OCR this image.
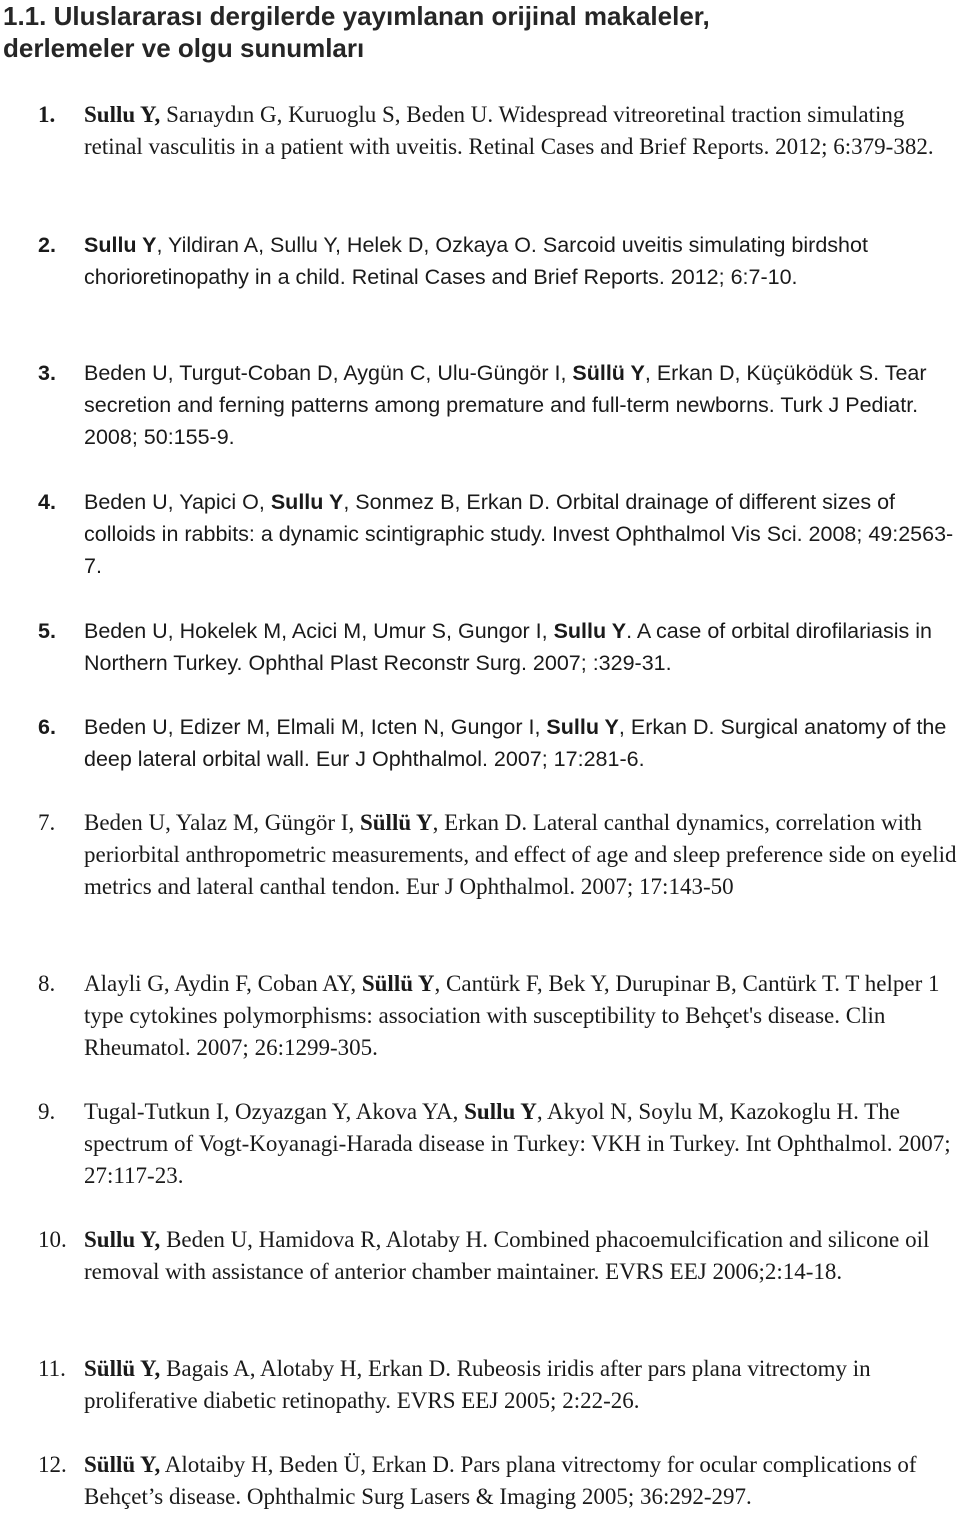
1.1. Uluslararası dergilerde yayımlanan orijinal makaleler,
derlemeler ve olgu sunumları
1.	Sullu Y, Sarıaydın G, Kuruoglu S, Beden U. Widespread vitreoretinal traction simulating retinal vasculitis in a patient with uveitis. Retinal Cases and Brief Reports. 2012; 6:379-382.
2.	Sullu Y, Yildiran A, Sullu Y, Helek D, Ozkaya O. Sarcoid uveitis simulating birdshot chorioretinopathy in a child. Retinal Cases and Brief Reports. 2012; 6:7-10.
3.	Beden U, Turgut-Coban D, Aygün C, Ulu-Güngör I, Süllü Y, Erkan D, Küçüködük S. Tear secretion and ferning patterns among premature and full-term newborns. Turk J Pediatr. 2008; 50:155-9.
4.	Beden U, Yapici O, Sullu Y, Sonmez B, Erkan D. Orbital drainage of different sizes of colloids in rabbits: a dynamic scintigraphic study. Invest Ophthalmol Vis Sci. 2008; 49:2563-7.
5.	Beden U, Hokelek M, Acici M, Umur S, Gungor I, Sullu Y. A case of orbital dirofilariasis in Northern Turkey. Ophthal Plast Reconstr Surg. 2007; :329-31.
6.	Beden U, Edizer M, Elmali M, Icten N, Gungor I, Sullu Y, Erkan D. Surgical anatomy of the deep lateral orbital wall. Eur J Ophthalmol. 2007; 17:281-6.
7.	Beden U, Yalaz M, Güngör I, Süllü Y, Erkan D. Lateral canthal dynamics, correlation with periorbital anthropometric measurements, and effect of age and sleep preference side on eyelid metrics and lateral canthal tendon. Eur J Ophthalmol. 2007; 17:143-50
8.	Alayli G, Aydin F, Coban AY, Süllü Y, Cantürk F, Bek Y, Durupinar B, Cantürk T. T helper 1 type cytokines polymorphisms: association with susceptibility to Behçet's disease. Clin Rheumatol. 2007; 26:1299-305.
9.	Tugal-Tutkun I, Ozyazgan Y, Akova YA, Sullu Y, Akyol N, Soylu M, Kazokoglu H. The spectrum of Vogt-Koyanagi-Harada disease in Turkey: VKH in Turkey. Int Ophthalmol. 2007; 27:117-23.
10. Sullu Y, Beden U, Hamidova R, Alotaby H. Combined phacoemulcification and silicone oil removal with assistance of anterior chamber maintainer. EVRS EEJ 2006;2:14-18.
11. Süllü Y, Bagais A, Alotaby H, Erkan D. Rubeosis iridis after pars plana vitrectomy in proliferative diabetic retinopathy. EVRS EEJ 2005; 2:22-26.
12. Süllü Y, Alotaiby H, Beden Ü, Erkan D. Pars plana vitrectomy for ocular complications of Behçet’s disease. Ophthalmic Surg Lasers & Imaging 2005; 36:292-297.
